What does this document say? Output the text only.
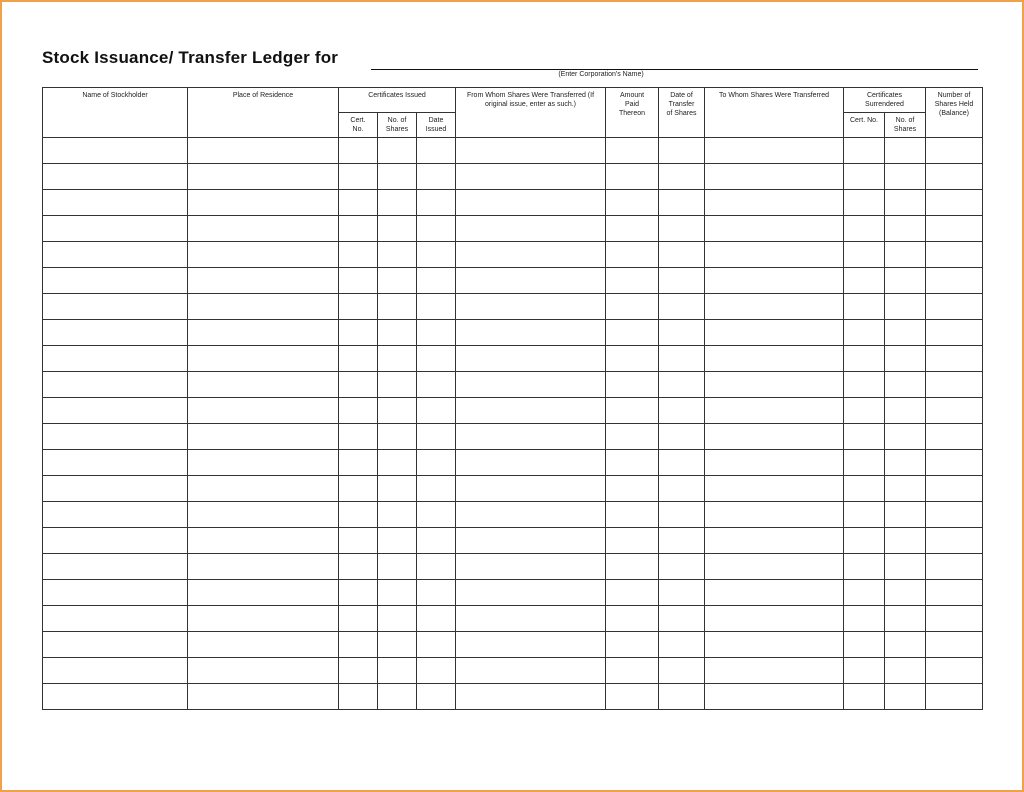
Stock Issuance/ Transfer Ledger for
(Enter Corporation's Name)
Name of Stockholder	Place of Residence	Certificates Issued			From Whom Shares Were Transferred (If original issue, enter as such.)	Amount Paid Thereon	Date of Transfer of Shares	To Whom Shares Were Transferred	Certificates Surrendered		Number of Shares Held (Balance)

		Cert. No.	No. of Shares	Date Issued					Cert. No.	No. of Shares	
